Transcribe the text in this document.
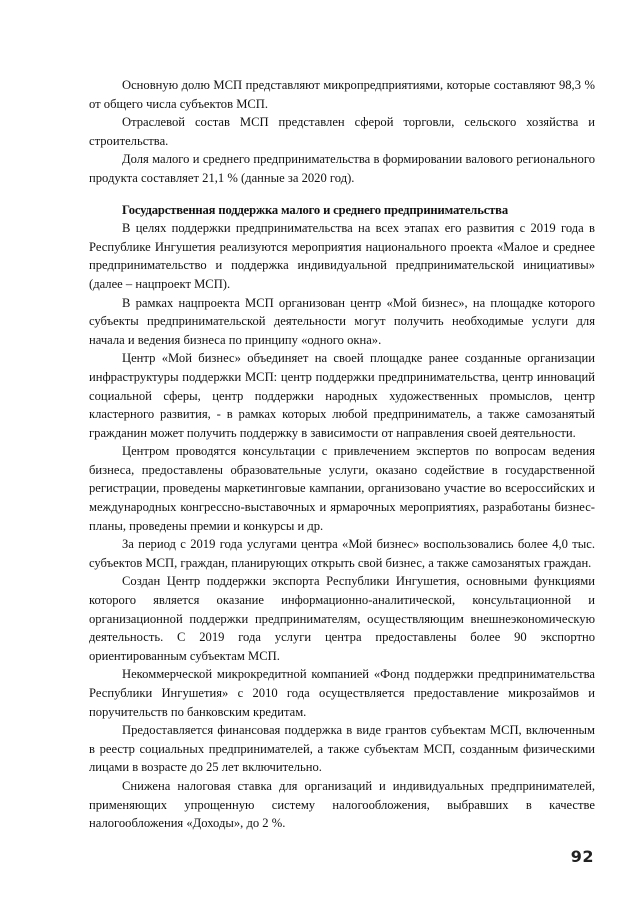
Основную долю МСП представляют микропредприятиями, которые составляют 98,3 % от общего числа субъектов МСП.

Отраслевой состав МСП представлен сферой торговли, сельского хозяйства и строительства.

Доля малого и среднего предпринимательства в формировании валового регионального продукта составляет 21,1 % (данные за 2020 год).

Государственная поддержка малого и среднего предпринимательства

В целях поддержки предпринимательства на всех этапах его развития с 2019 года в Республике Ингушетия реализуются мероприятия национального проекта «Малое и среднее предпринимательство и поддержка индивидуальной предпринимательской инициативы» (далее – нацпроект МСП).

В рамках нацпроекта МСП организован центр «Мой бизнес», на площадке которого субъекты предпринимательской деятельности могут получить необходимые услуги для начала и ведения бизнеса по принципу «одного окна».

Центр «Мой бизнес» объединяет на своей площадке ранее созданные организации инфраструктуры поддержки МСП: центр поддержки предпринимательства, центр инноваций социальной сферы, центр поддержки народных художественных промыслов, центр кластерного развития, - в рамках которых любой предприниматель, а также самозанятый гражданин может получить поддержку в зависимости от направления своей деятельности.

Центром проводятся консультации с привлечением экспертов по вопросам ведения бизнеса, предоставлены образовательные услуги, оказано содействие в государственной регистрации, проведены маркетинговые кампании, организовано участие во всероссийских и международных конгрессно-выставочных и ярмарочных мероприятиях, разработаны бизнес-планы, проведены премии и конкурсы и др.

За период с 2019 года услугами центра «Мой бизнес» воспользовались более 4,0 тыс. субъектов МСП, граждан, планирующих открыть свой бизнес, а также самозанятых граждан.

Создан Центр поддержки экспорта Республики Ингушетия, основными функциями которого является оказание информационно-аналитической, консультационной и организационной поддержки предпринимателям, осуществляющим внешнеэкономическую деятельность. С 2019 года услуги центра предоставлены более 90 экспортно ориентированным субъектам МСП.

Некоммерческой микрокредитной компанией «Фонд поддержки предпринимательства Республики Ингушетия» с 2010 года осуществляется предоставление микрозаймов и поручительств по банковским кредитам.

Предоставляется финансовая поддержка в виде грантов субъектам МСП, включенным в реестр социальных предпринимателей, а также субъектам МСП, созданным физическими лицами в возрасте до 25 лет включительно.

Снижена налоговая ставка для организаций и индивидуальных предпринимателей, применяющих упрощенную систему налогообложения, выбравших в качестве налогообложения «Доходы», до 2 %.

92
